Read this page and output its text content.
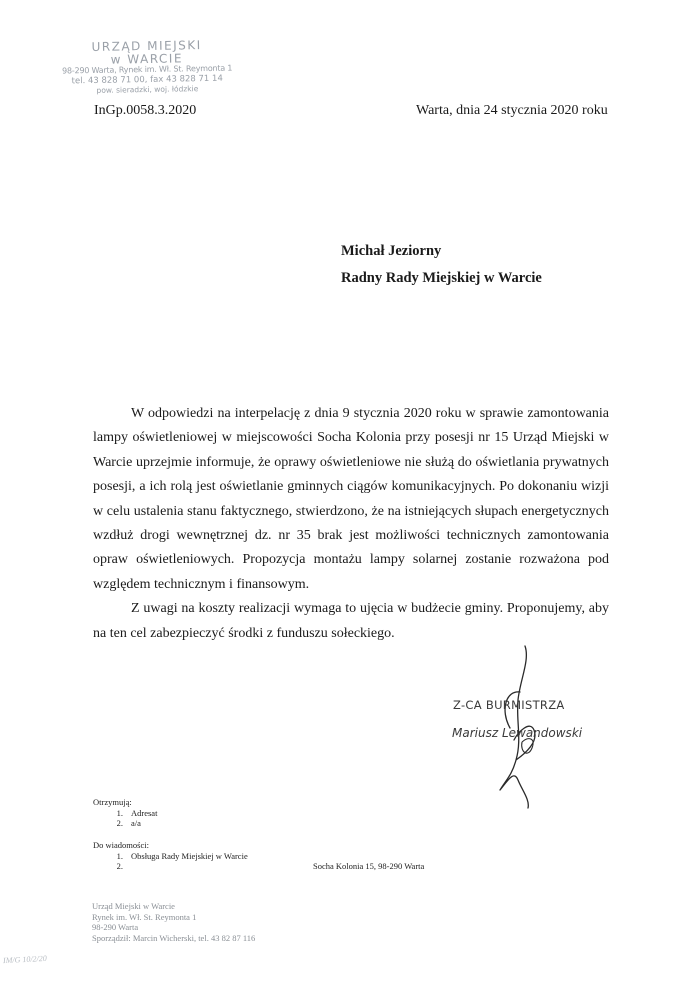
URZĄD MIEJSKI
w WARCIE
98-290 Warta, Rynek im. Wł. St. Reymonta 1
tel. 43 828 71 00, fax 43 828 71 14
pow. sieradzki, woj. łódzkie
InGp.0058.3.2020	Warta, dnia 24 stycznia 2020 roku
Michał Jeziorny
Radny Rady Miejskiej w Warcie

W odpowiedzi na interpelację z dnia 9 stycznia 2020 roku w sprawie zamontowania lampy oświetleniowej w miejscowości Socha Kolonia przy posesji nr 15 Urząd Miejski w Warcie uprzejmie informuje, że oprawy oświetleniowe nie służą do oświetlania prywatnych posesji, a ich rolą jest oświetlanie gminnych ciągów komunikacyjnych. Po dokonaniu wizji w celu ustalenia stanu faktycznego, stwierdzono, że na istniejących słupach energetycznych wzdłuż drogi wewnętrznej dz. nr 35 brak jest możliwości technicznych zamontowania opraw oświetleniowych. Propozycja montażu lampy solarnej zostanie rozważona pod względem technicznym i finansowym.

Z uwagi na koszty realizacji wymaga to ujęcia w budżecie gminy. Proponujemy, aby na ten cel zabezpieczyć środki z funduszu sołeckiego.

Z-CA BURMISTRZA
Mariusz Lewandowski
Otrzymują:
1. Adresat
2. a/a
Do wiadomości:
1. Obsługa Rady Miejskiej w Warcie
2.	Socha Kolonia 15, 98-290 Warta
Urząd Miejski w Warcie
Rynek im. Wł. St. Reymonta 1
98-290 Warta
Sporządził: Marcin Wicherski, tel. 43 82 87 116
IM/G 10/2/20
